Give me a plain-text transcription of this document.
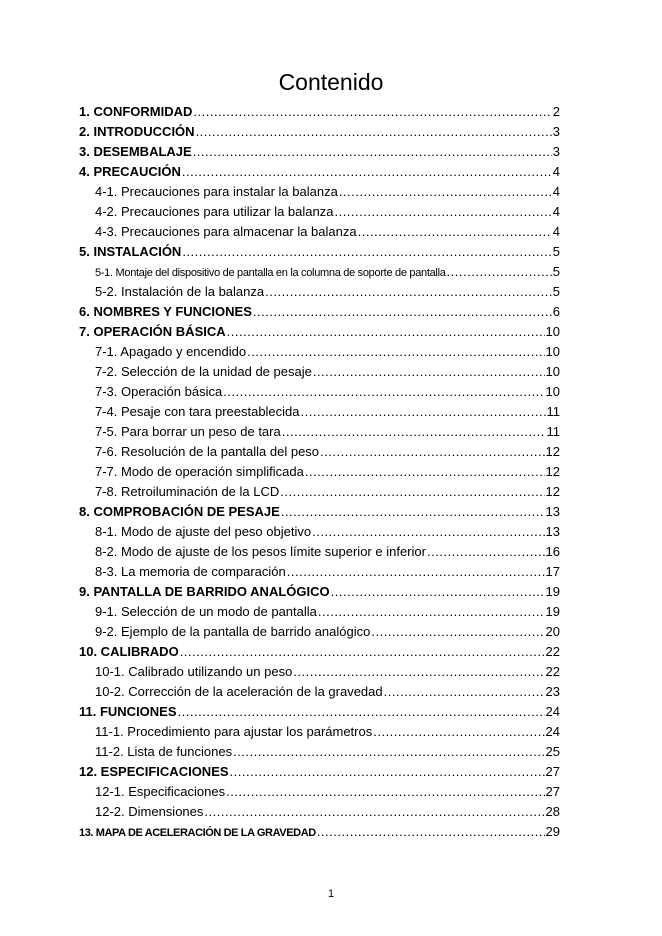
Contenido
1. CONFORMIDAD .....	2
2. INTRODUCCIÓN .....	3
3. DESEMBALAJE .....	3
4. PRECAUCIÓN .....	4
4-1. Precauciones para instalar la balanza .....	4
4-2. Precauciones para utilizar la balanza .....	4
4-3. Precauciones para almacenar la balanza .....	4
5. INSTALACIÓN .....	5
5-1. Montaje del dispositivo de pantalla en la columna de soporte de pantalla .....	5
5-2. Instalación de la balanza .....	5
6. NOMBRES Y FUNCIONES .....	6
7. OPERACIÓN BÁSICA .....	10
7-1. Apagado y encendido .....	10
7-2. Selección de la unidad de pesaje .....	10
7-3. Operación básica .....	10
7-4. Pesaje con tara preestablecida .....	11
7-5. Para borrar un peso de tara .....	11
7-6. Resolución de la pantalla del peso .....	12
7-7. Modo de operación simplificada .....	12
7-8. Retroiluminación de la LCD .....	12
8. COMPROBACIÓN DE PESAJE .....	13
8-1. Modo de ajuste del peso objetivo .....	13
8-2. Modo de ajuste de los pesos límite superior e inferior .....	16
8-3. La memoria de comparación .....	17
9. PANTALLA DE BARRIDO ANALÓGICO .....	19
9-1. Selección de un modo de pantalla .....	19
9-2. Ejemplo de la pantalla de barrido analógico .....	20
10. CALIBRADO .....	22
10-1. Calibrado utilizando un peso .....	22
10-2. Corrección de la aceleración de la gravedad .....	23
11. FUNCIONES .....	24
11-1. Procedimiento para ajustar los parámetros .....	24
11-2. Lista de funciones .....	25
12. ESPECIFICACIONES .....	27
12-1. Especificaciones .....	27
12-2. Dimensiones .....	28
13. MAPA DE ACELERACIÓN DE LA GRAVEDAD .....	29
1
